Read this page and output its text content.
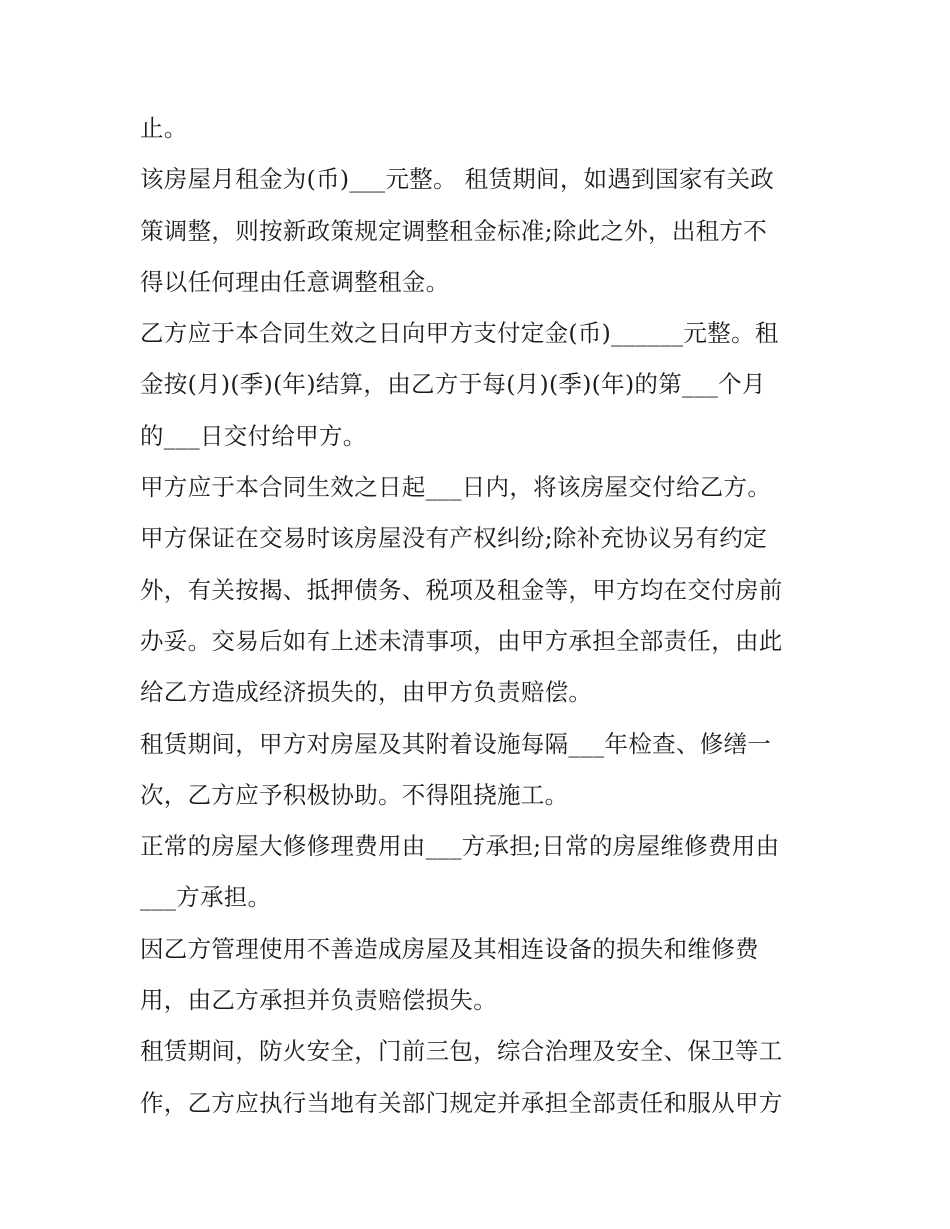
止。
该房屋月租金为(币)___元整。 租赁期间，如遇到国家有关政
策调整，则按新政策规定调整租金标准;除此之外，出租方不
得以任何理由任意调整租金。
乙方应于本合同生效之日向甲方支付定金(币)______元整。租
金按(月)(季)(年)结算，由乙方于每(月)(季)(年)的第___个月
的___日交付给甲方。
甲方应于本合同生效之日起___日内，将该房屋交付给乙方。
甲方保证在交易时该房屋没有产权纠纷;除补充协议另有约定
外，有关按揭、抵押债务、税项及租金等，甲方均在交付房前
办妥。交易后如有上述未清事项，由甲方承担全部责任，由此
给乙方造成经济损失的，由甲方负责赔偿。
租赁期间，甲方对房屋及其附着设施每隔___年检查、修缮一
次，乙方应予积极协助。不得阻挠施工。
正常的房屋大修修理费用由___方承担;日常的房屋维修费用由
___方承担。
因乙方管理使用不善造成房屋及其相连设备的损失和维修费
用，由乙方承担并负责赔偿损失。
租赁期间，防火安全，门前三包，综合治理及安全、保卫等工
作，乙方应执行当地有关部门规定并承担全部责任和服从甲方
